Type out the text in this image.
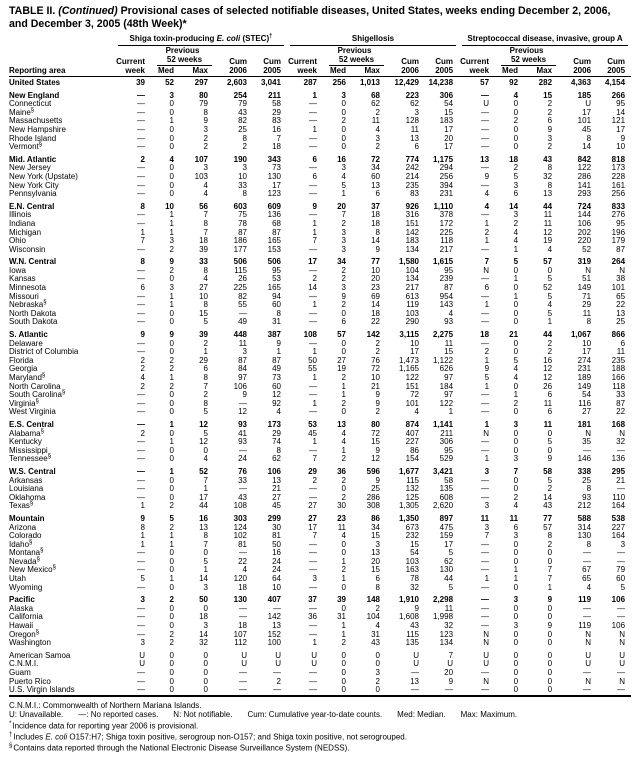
TABLE II. (Continued) Provisional cases of selected notifiable diseases, United States, weeks ending December 2, 2006, and December 3, 2005 (48th Week)*

	Shiga toxin-producing E. coli (STEC)†					Shigellosis					Streptococcal disease, invasive, group A				

		Previous					Previous					Previous			
	Current	52 weeks		Cum	Cum	Current	52 weeks		Cum	Cum	Current	52 weeks		Cum	Cum
Reporting area	week	Med	Max	2006	2005	week	Med	Max	2006	2005	week	Med	Max	2006	2005
United States	39	52	297	2,603	3,041	287	256	1,013	12,429	14,238	57	92	282	4,363	4,154
New England	—	3	80	254	211	1	3	68	223	306	—	4	15	185	266
Connecticut	—	0	79	79	58	—	0	62	62	54	U	0	2	U	95
Maine§	—	0	8	43	29	—	0	2	3	15	—	0	2	17	14
Massachusetts	—	1	9	82	83	—	2	11	128	183	—	2	6	101	121
New Hampshire	—	0	3	25	16	1	0	4	11	17	—	0	9	45	17
Rhode Island	—	0	2	8	7	—	0	3	13	20	—	0	3	8	9
Vermont§	—	0	2	2	18	—	0	2	6	17	—	0	2	14	10
Mid. Atlantic	2	4	107	190	343	6	16	72	774	1,175	13	18	43	842	818
New Jersey	—	0	3	3	73	—	3	34	242	294	—	2	8	122	173
New York (Upstate)	—	0	103	10	130	6	4	60	214	256	9	5	32	286	228
New York City	—	0	4	33	17	—	5	13	235	394	—	3	8	141	161
Pennsylvania	—	0	4	8	123	—	1	6	83	231	4	6	13	293	256
E.N. Central	8	10	56	603	609	9	20	37	926	1,110	4	14	44	724	833
Illinois	—	1	7	75	136	—	7	18	316	378	—	3	11	144	276
Indiana	—	1	8	78	68	1	2	18	151	172	1	2	11	106	95
Michigan	1	1	7	87	87	1	3	8	142	225	2	4	12	202	196
Ohio	7	3	18	186	165	7	3	14	183	118	1	4	19	220	179
Wisconsin	—	2	39	177	153	—	3	9	134	217	—	1	4	52	87
W.N. Central	8	9	33	506	506	17	34	77	1,580	1,615	7	5	57	319	264
Iowa	—	2	8	115	95	—	2	10	104	95	N	0	0	N	N
Kansas	—	0	4	26	53	2	2	20	134	239	—	1	5	51	38
Minnesota	6	3	27	225	165	14	3	23	217	87	6	0	52	149	101
Missouri	—	1	10	82	94	—	9	69	613	954	—	1	5	71	65
Nebraska§	—	1	8	55	60	1	2	14	119	143	1	0	4	29	22
North Dakota	—	0	15	—	8	—	0	18	103	4	—	0	5	11	13
South Dakota	—	0	5	49	31	—	6	22	290	93	—	0	1	8	25
S. Atlantic	9	9	39	448	387	108	57	142	3,115	2,275	18	21	44	1,067	866
Delaware	—	0	2	11	9	—	0	2	10	11	—	0	2	10	6
District of Columbia	—	0	1	3	1	1	0	2	17	15	2	0	2	17	11
Florida	2	2	29	87	87	50	27	76	1,473	1,122	1	5	16	274	235
Georgia	2	2	6	84	49	55	19	72	1,165	626	9	4	12	231	188
Maryland§	4	1	8	97	73	1	2	10	122	97	5	4	12	189	166
North Carolina	2	2	7	106	60	—	1	21	151	184	1	0	26	149	118
South Carolina§	—	0	2	9	12	—	1	9	72	97	—	1	6	54	33
Virginia§	—	0	8	—	92	1	2	9	101	122	—	2	11	116	87
West Virginia	—	0	5	12	4	—	0	2	4	1	—	0	6	27	22
E.S. Central	—	1	12	93	173	53	13	80	874	1,141	1	3	11	181	168
Alabama§	2	0	5	41	29	45	4	72	407	211	N	0	0	N	N
Kentucky	—	1	12	93	74	1	4	15	227	306	—	0	5	35	32
Mississippi	—	0	0	—	8	—	1	9	86	95	—	0	0	—	—
Tennessee§	—	0	4	24	62	7	2	12	154	529	1	3	9	146	136
W.S. Central	—	1	52	76	106	29	36	596	1,677	3,421	3	7	58	338	295
Arkansas	—	0	7	33	13	2	2	9	115	58	—	0	5	25	21
Louisiana	—	0	1	—	21	—	0	25	132	135	—	0	2	8	—
Oklahoma	—	0	17	43	27	—	2	286	125	608	—	2	14	93	110
Texas§	1	2	44	108	45	27	30	308	1,305	2,620	3	4	43	212	164
Mountain	9	5	16	303	299	27	23	86	1,350	897	11	11	77	588	538
Arizona	8	2	13	124	30	17	11	34	673	475	3	6	57	314	227
Colorado	1	1	8	102	81	7	4	15	232	159	7	3	8	130	164
Idaho§	1	1	7	81	50	—	0	3	15	17	—	0	2	8	3
Montana§	—	0	0	—	16	—	0	13	54	5	—	0	0	—	—
Nevada§	—	0	5	22	24	—	1	20	103	62	—	0	0	—	—
New Mexico§	—	0	1	4	24	—	2	15	163	130	—	1	7	67	79
Utah	5	1	14	120	64	3	1	6	78	44	1	1	7	65	60
Wyoming	—	0	3	18	10	—	0	8	32	5	—	0	1	4	5
Pacific	3	2	50	130	407	37	39	148	1,910	2,298	—	3	9	119	106
Alaska	—	0	0	—	—	—	0	2	9	11	—	0	0	—	—
California	—	0	18	—	142	36	31	104	1,608	1,998	—	0	0	—	—
Hawaii	—	0	3	18	13	—	1	4	43	32	—	3	9	119	106
Oregon§	—	2	14	107	152	—	1	31	115	123	N	0	0	N	N
Washington	3	2	32	112	100	1	2	43	135	134	N	0	0	N	N
American Samoa	U	0	0	U	U	U	0	0	U	7	U	0	0	U	U
C.N.M.I.	U	0	0	U	U	U	0	0	U	U	U	0	0	U	U
Guam	—	0	0	—	—	—	0	3	—	20	—	0	0	—	—
Puerto Rico	—	0	0	—	2	—	0	2	13	9	N	0	0	N	N
U.S. Virgin Islands	—	0	0	—	—	—	0	0	—	—	—	0	0	—	—
C.N.M.I.: Commonwealth of Northern Mariana Islands.
U: Unavailable. —: No reported cases. N: Not notifiable. Cum: Cumulative year-to-date counts. Med: Median. Max: Maximum.
*Incidence data for reporting year 2006 is provisional.
†Includes E. coli O157:H7; Shiga toxin positive, serogroup non-O157; and Shiga toxin positive, not serogrouped.
§Contains data reported through the National Electronic Disease Surveillance System (NEDSS).
